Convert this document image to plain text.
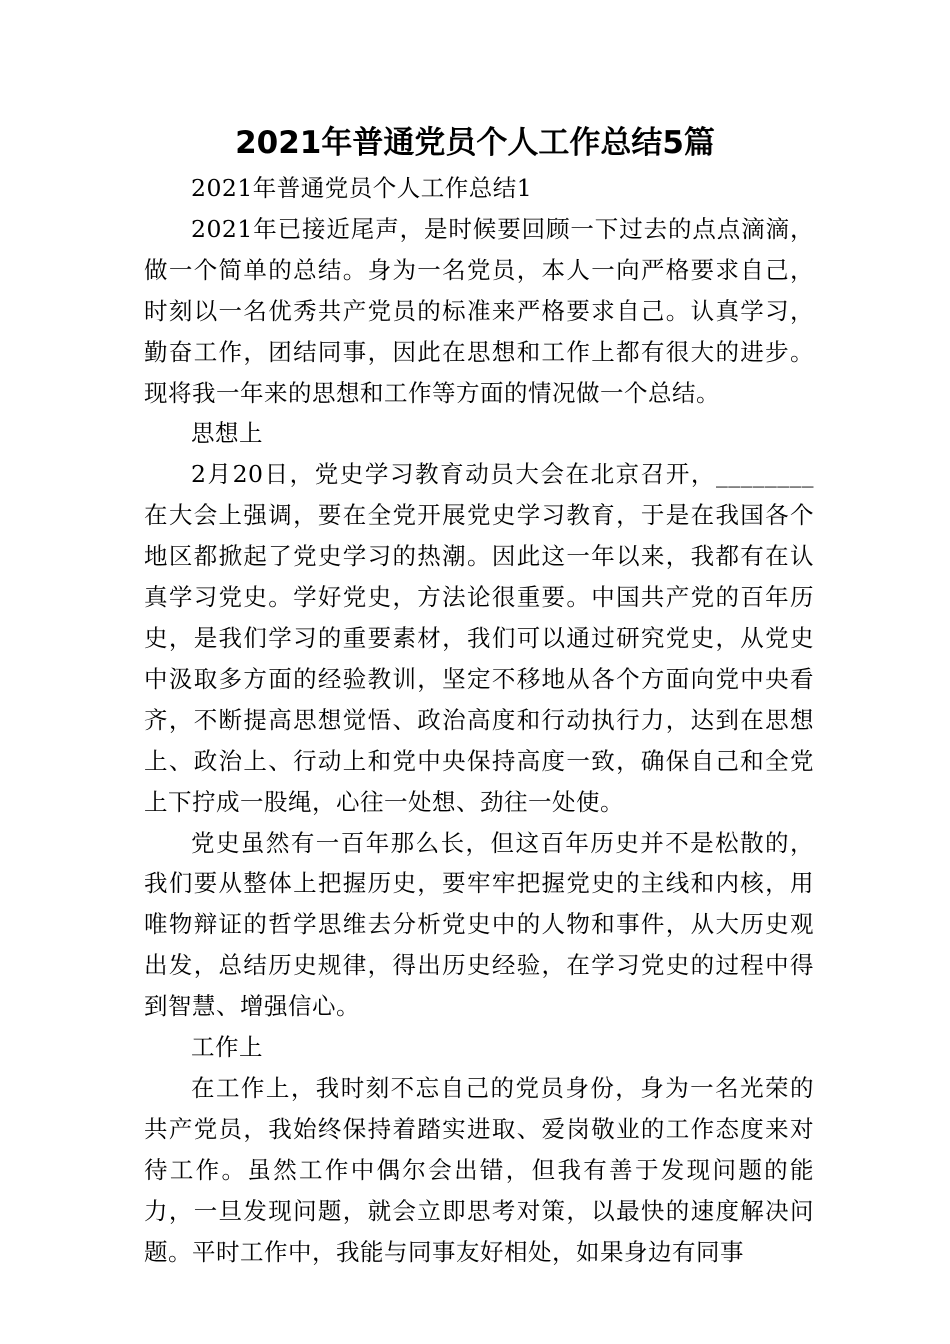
2021年普通党员个人工作总结5篇

2021年普通党员个人工作总结1

2021年已接近尾声，是时候要回顾一下过去的点点滴滴，做一个简单的总结。身为一名党员，本人一向严格要求自己，时刻以一名优秀共产党员的标准来严格要求自己。认真学习，勤奋工作，团结同事，因此在思想和工作上都有很大的进步。现将我一年来的思想和工作等方面的情况做一个总结。

思想上

2月20日，党史学习教育动员大会在北京召开，________在大会上强调，要在全党开展党史学习教育，于是在我国各个地区都掀起了党史学习的热潮。因此这一年以来，我都有在认真学习党史。学好党史，方法论很重要。中国共产党的百年历史，是我们学习的重要素材，我们可以通过研究党史，从党史中汲取多方面的经验教训，坚定不移地从各个方面向党中央看齐，不断提高思想觉悟、政治高度和行动执行力，达到在思想上、政治上、行动上和党中央保持高度一致，确保自己和全党上下拧成一股绳，心往一处想、劲往一处使。

党史虽然有一百年那么长，但这百年历史并不是松散的，我们要从整体上把握历史，要牢牢把握党史的主线和内核，用唯物辩证的哲学思维去分析党史中的人物和事件，从大历史观出发，总结历史规律，得出历史经验，在学习党史的过程中得到智慧、增强信心。

工作上

在工作上，我时刻不忘自己的党员身份，身为一名光荣的共产党员，我始终保持着踏实进取、爱岗敬业的工作态度来对待工作。虽然工作中偶尔会出错，但我有善于发现问题的能力，一旦发现问题，就会立即思考对策，以最快的速度解决问题。平时工作中，我能与同事友好相处，如果身边有同事
